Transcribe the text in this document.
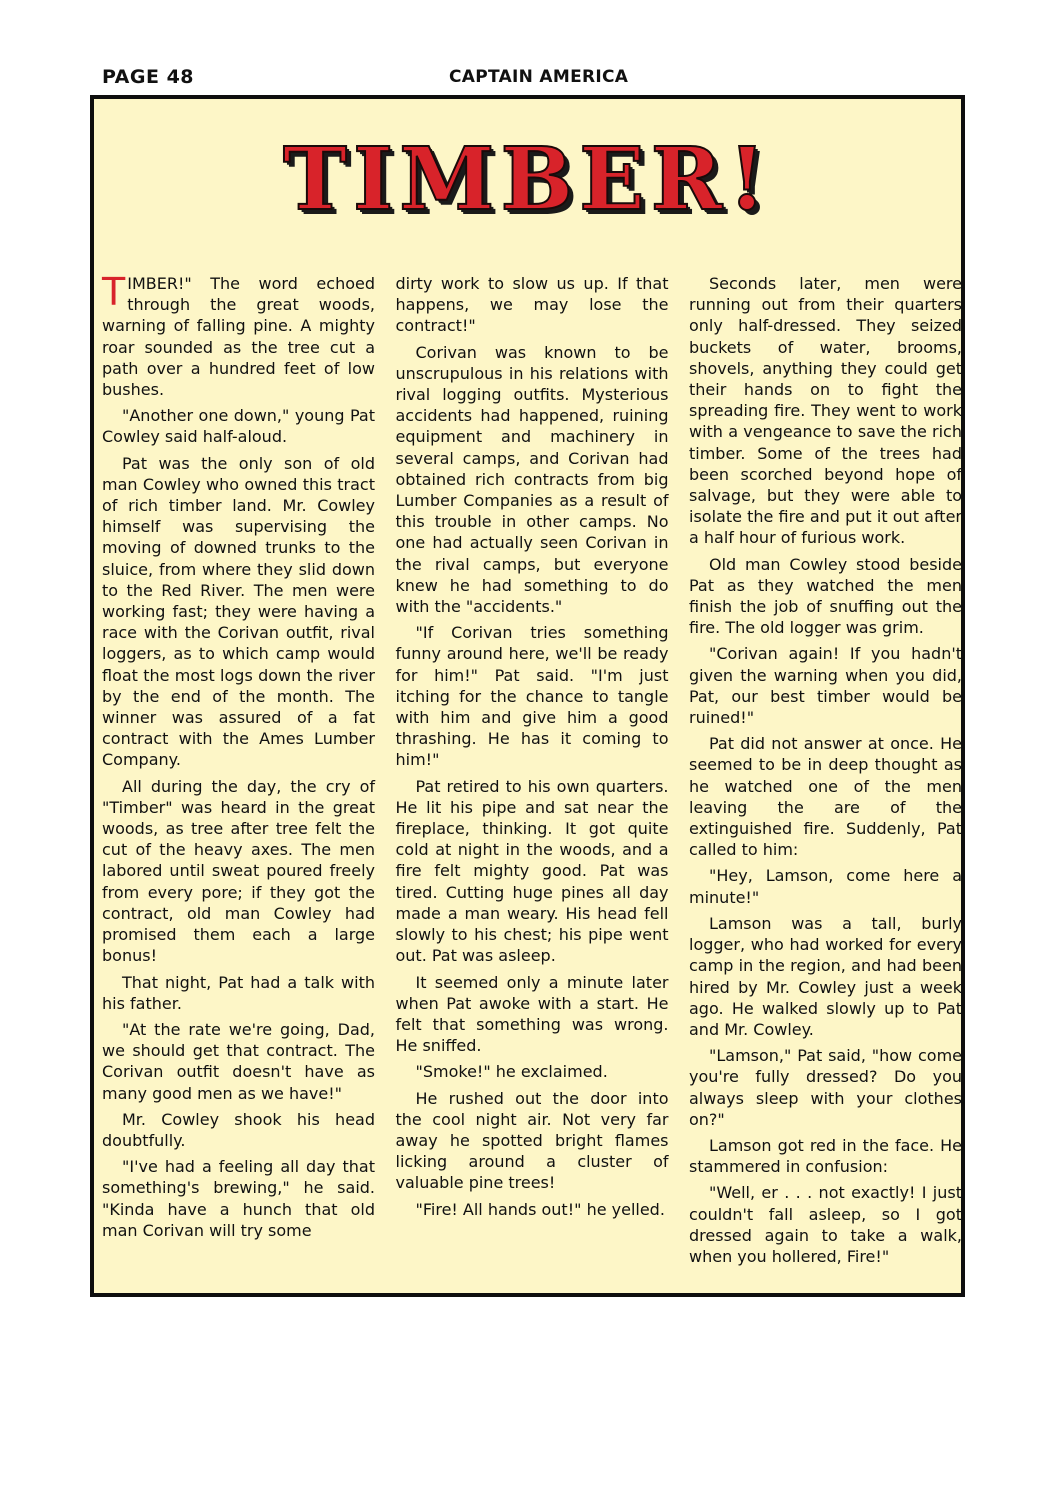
PAGE 48	CAPTAIN AMERICA
TIMBER!

TIMBER!" The word echoed through the great woods, warning of falling pine. A mighty roar sounded as the tree cut a path over a hundred feet of low bushes.

"Another one down," young Pat Cowley said half-aloud.

Pat was the only son of old man Cowley who owned this tract of rich timber land. Mr. Cowley himself was supervising the moving of downed trunks to the sluice, from where they slid down to the Red River. The men were working fast; they were having a race with the Corivan outfit, rival loggers, as to which camp would float the most logs down the river by the end of the month. The winner was assured of a fat contract with the Ames Lumber Company.

All during the day, the cry of "Timber" was heard in the great woods, as tree after tree felt the cut of the heavy axes. The men labored until sweat poured freely from every pore; if they got the contract, old man Cowley had promised them each a large bonus!

That night, Pat had a talk with his father.

"At the rate we're going, Dad, we should get that contract. The Corivan outfit doesn't have as many good men as we have!"

Mr. Cowley shook his head doubtfully.

"I've had a feeling all day that something's brewing," he said. "Kinda have a hunch that old man Corivan will try some

dirty work to slow us up. If that happens, we may lose the contract!"

Corivan was known to be unscrupulous in his relations with rival logging outfits. Mysterious accidents had happened, ruining equipment and machinery in several camps, and Corivan had obtained rich contracts from big Lumber Companies as a result of this trouble in other camps. No one had actually seen Corivan in the rival camps, but everyone knew he had something to do with the "accidents."

"If Corivan tries something funny around here, we'll be ready for him!" Pat said. "I'm just itching for the chance to tangle with him and give him a good thrashing. He has it coming to him!"

Pat retired to his own quarters. He lit his pipe and sat near the fireplace, thinking. It got quite cold at night in the woods, and a fire felt mighty good. Pat was tired. Cutting huge pines all day made a man weary. His head fell slowly to his chest; his pipe went out. Pat was asleep.

It seemed only a minute later when Pat awoke with a start. He felt that something was wrong. He sniffed.

"Smoke!" he exclaimed.

He rushed out the door into the cool night air. Not very far away he spotted bright flames licking around a cluster of valuable pine trees!

"Fire! All hands out!" he yelled.

Seconds later, men were running out from their quarters only half-dressed. They seized buckets of water, brooms, shovels, anything they could get their hands on to fight the spreading fire. They went to work with a vengeance to save the rich timber. Some of the trees had been scorched beyond hope of salvage, but they were able to isolate the fire and put it out after a half hour of furious work.

Old man Cowley stood beside Pat as they watched the men finish the job of snuffing out the fire. The old logger was grim.

"Corivan again! If you hadn't given the warning when you did, Pat, our best timber would be ruined!"

Pat did not answer at once. He seemed to be in deep thought as he watched one of the men leaving the are of the extinguished fire. Suddenly, Pat called to him:

"Hey, Lamson, come here a minute!"

Lamson was a tall, burly logger, who had worked for every camp in the region, and had been hired by Mr. Cowley just a week ago. He walked slowly up to Pat and Mr. Cowley.

"Lamson," Pat said, "how come you're fully dressed? Do you always sleep with your clothes on?"

Lamson got red in the face. He stammered in confusion:

"Well, er . . . not exactly! I just couldn't fall asleep, so I got dressed again to take a walk, when you hollered, Fire!"
